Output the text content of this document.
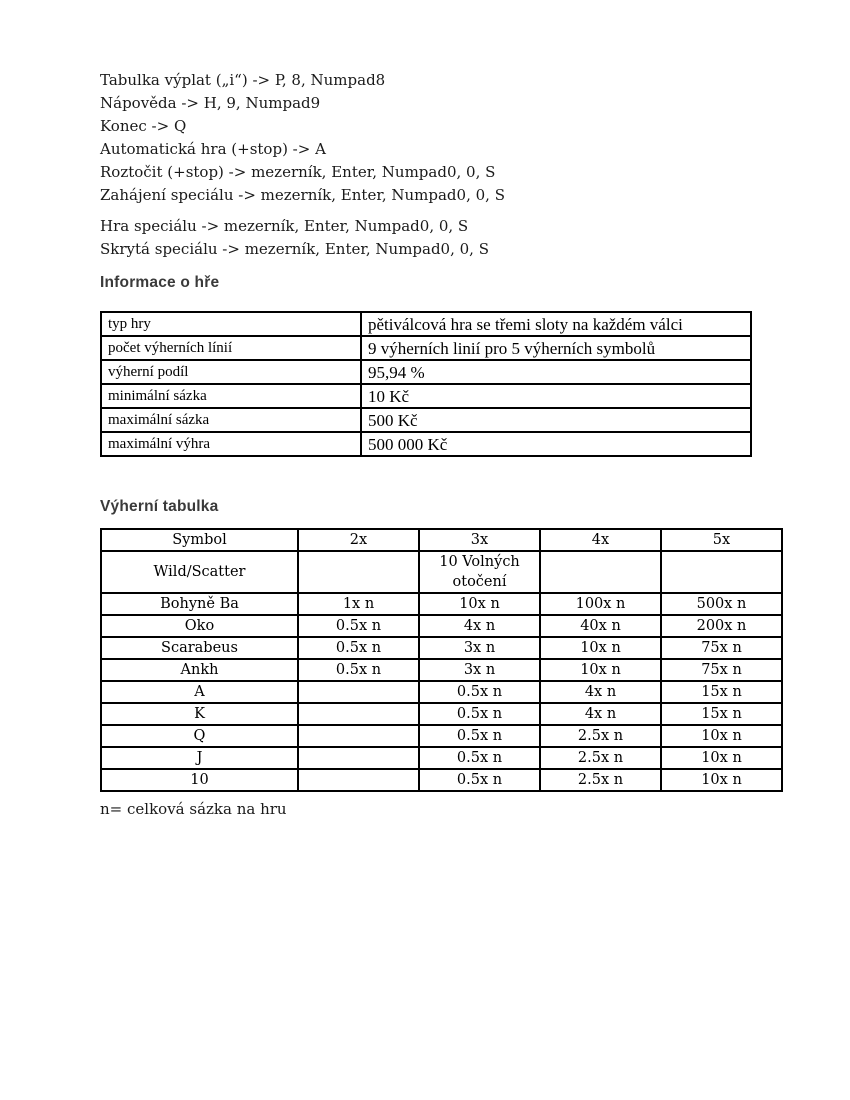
Tabulka výplat („i“) -> P, 8, Numpad8
Nápověda -> H, 9, Numpad9
Konec -> Q
Automatická hra (+stop) -> A
Roztočit (+stop) -> mezerník, Enter, Numpad0, 0, S
Zahájení speciálu -> mezerník, Enter, Numpad0, 0, S
Hra speciálu -> mezerník, Enter, Numpad0, 0, S
Skrytá speciálu -> mezerník, Enter, Numpad0, 0, S
Informace o hře
typ hry	pětiválcová hra se třemi sloty na každém válci
počet výherních línií	9 výherních linií pro 5 výherních symbolů
výherní podíl	95,94 %
minimální sázka	10 Kč
maximální sázka	500 Kč
maximální výhra	500 000 Kč
Výherní tabulka
Symbol	2x	3x	4x	5x
Wild/Scatter		10 Volných otočení		
Bohyně Ba	1x n	10x n	100x n	500x n
Oko	0.5x n	4x n	40x n	200x n
Scarabeus	0.5x n	3x n	10x n	75x n
Ankh	0.5x n	3x n	10x n	75x n
A		0.5x n	4x n	15x n
K		0.5x n	4x n	15x n
Q		0.5x n	2.5x n	10x n
J		0.5x n	2.5x n	10x n
10		0.5x n	2.5x n	10x n
n= celková sázka na hru
